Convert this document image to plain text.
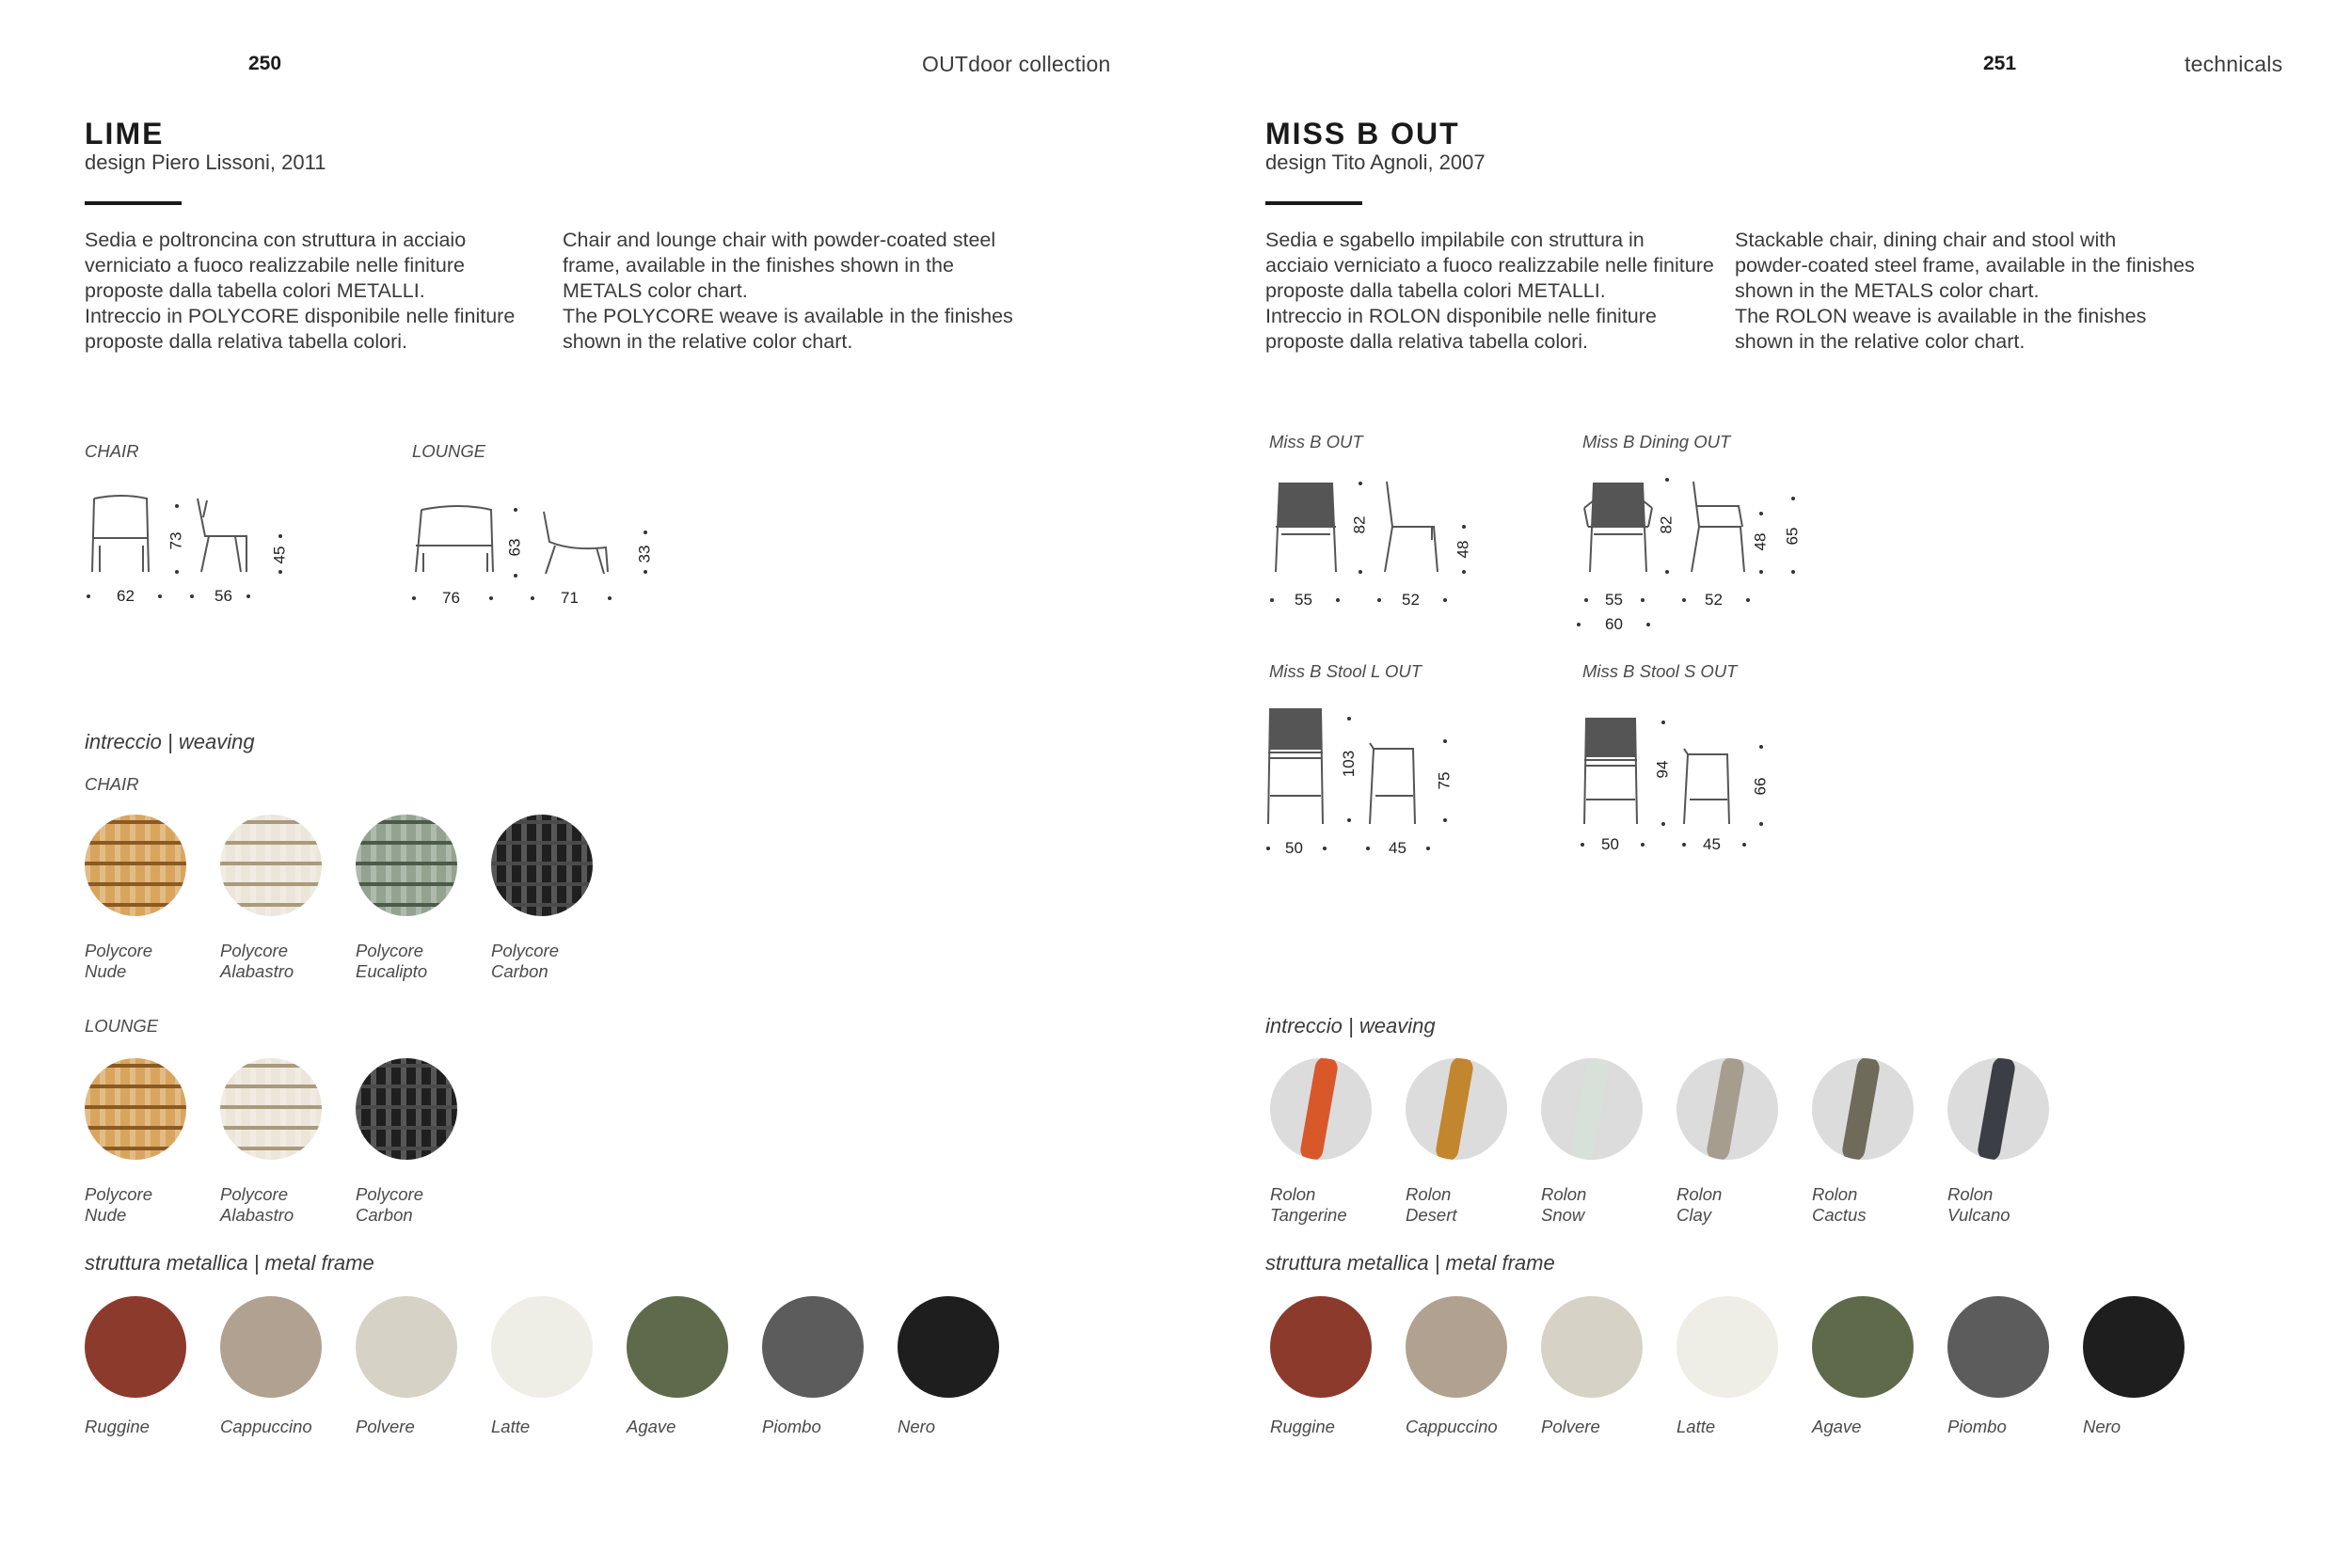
250	OUTdoor collection	251	technicals
LIME
design Piero Lissoni, 2011
Sedia e poltroncina con struttura in acciaio
verniciato a fuoco realizzabile nelle finiture
proposte dalla tabella colori METALLI.
Intreccio in POLYCORE disponibile nelle finiture
proposte dalla relativa tabella colori.
Chair and lounge chair with powder-coated steel
frame, available in the finishes shown in the
METALS color chart.
The POLYCORE weave is available in the finishes
shown in the relative color chart.
CHAIR
73
45
62	56
LOUNGE
63	33
76	71
intreccio | weaving
CHAIR
Polycore
Nude
Polycore
Alabastro
Polycore
Eucalipto
Polycore
Carbon
LOUNGE
Polycore
Nude
Polycore
Alabastro
Polycore
Carbon
struttura metallica | metal frame
Ruggine	Cappuccino	Polvere	Latte	Agave	Piombo	Nero
MISS B OUT
design Tito Agnoli, 2007
Sedia e sgabello impilabile con struttura in
acciaio verniciato a fuoco realizzabile nelle finiture
proposte dalla tabella colori METALLI.
Intreccio in ROLON disponibile nelle finiture
proposte dalla relativa tabella colori.
Stackable chair, dining chair and stool with
powder-coated steel frame, available in the finishes
shown in the METALS color chart.
The ROLON weave is available in the finishes
shown in the relative color chart.
Miss B OUT
82
48
55	52
Miss B Dining OUT
82
48 65
55
60
52
Miss B Stool L OUT
103
75
50	45
Miss B Stool S OUT
94
66
50	45
intreccio | weaving
Rolon
Tangerine
Rolon
Desert
Rolon
Snow
Rolon
Clay
Rolon
Cactus
Rolon
Vulcano
struttura metallica | metal frame
Ruggine	Cappuccino	Polvere	Latte	Agave	Piombo	Nero
